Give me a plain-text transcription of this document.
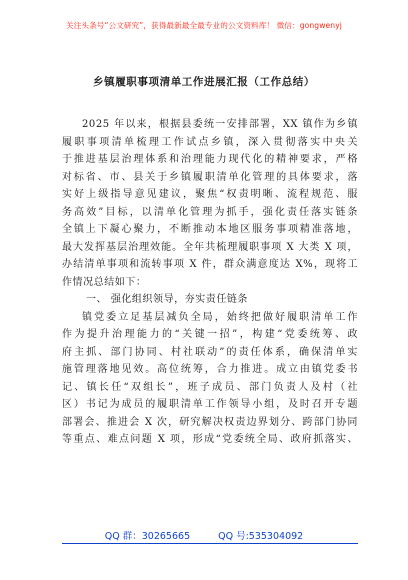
关注头条号“公文研究”，获得最新最全最专业的公文资料库！ 微信：gongwenyj
乡镇履职事项清单工作进展汇报（工作总结）
2025 年以来，根据县委统一安排部署，XX 镇作为乡镇
履职事项清单梳理工作试点乡镇，深入贯彻落实中央关
于推进基层治理体系和治理能力现代化的精神要求，严格
对标省、市、县关于乡镇履职清单化管理的具体要求，落
实好上级指导意见建议，聚焦“权责明晰、流程规范、服
务高效”目标，以清单化管理为抓手，强化责任落实链条
全镇上下凝心聚力，不断推动本地区服务事项精准落地，
最大发挥基层治理效能。全年共梳理履职事项 X 大类 X 项，
办结清单事项和流转事项 X 件，群众满意度达 X%，现将工
作情况总结如下：
一、 强化组织领导，夯实责任链条
镇党委立足基层减负全局，始终把做好履职清单工作
作为提升治理能力的“关键一招”，构建“党委统筹、政
府主抓、部门协同、村社联动”的责任体系，确保清单实
施管理落地见效。高位统筹，合力推进。成立由镇党委书
记、镇长任“双组长”，班子成员、部门负责人及村（社
区）书记为成员的履职清单工作领导小组，及时召开专题
部署会、推进会 X 次，研究解决权责边界划分、跨部门协同
等重点、难点问题 X 项，形成“党委统全局、政府抓落实、
QQ 群：30265665	QQ 号:535304092
